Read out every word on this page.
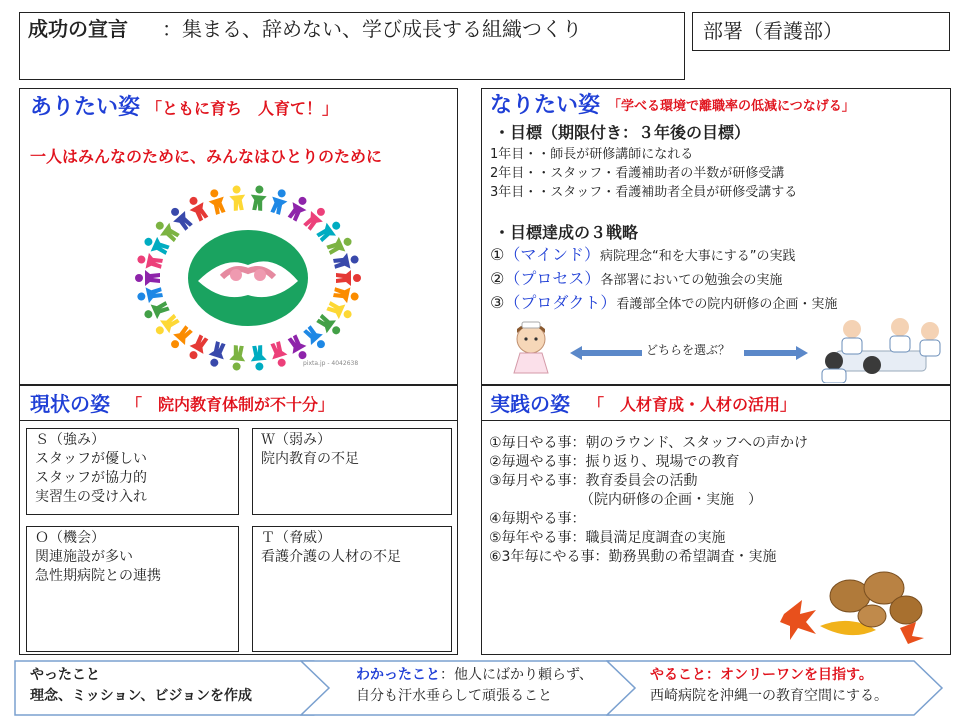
成功の宣言 ：集まる、辞めない、学び成長する組織つくり	部署（看護部）
ありたい姿 「ともに育ち　人育て！」
一人はみんなのために、みんなはひとりのために
pixta.jp - 4042638
なりたい姿 「学べる環境で離職率の低減につなげる」
・目標（期限付き：３年後の目標）
1年目・・師長が研修講師になれる
2年目・・スタッフ・看護補助者の半数が研修受講
3年目・・スタッフ・看護補助者全員が研修受講する
・目標達成の３戦略
①（マインド）病院理念“和を大事にする”の実践
②（プロセス）各部署においての勉強会の実施
③（プロダクト）看護部全体での院内研修の企画・実施
どちらを選ぶ？
現状の姿 「　院内教育体制が不十分」
Ｓ（強み）
スタッフが優しい
スタッフが協力的
実習生の受け入れ
Ｗ（弱み）
院内教育の不足
Ｏ（機会）
関連施設が多い
急性期病院との連携
Ｔ（脅威）
看護介護の人材の不足
実践の姿 「　人材育成・人材の活用」
①毎日やる事：朝のラウンド、スタッフへの声かけ
②毎週やる事：振り返り、現場での教育
③毎月やる事：教育委員会の活動
　　　　　　　（院内研修の企画・実施　）
④毎期やる事：
⑤毎年やる事：職員満足度調査の実施
⑥3年毎にやる事：勤務異動の希望調査・実施
やったこと
理念、ミッション、ビジョンを作成
わかったこと：他人にばかり頼らず、
自分も汗水垂らして頑張ること
やること：オンリーワンを目指す。
西崎病院を沖縄一の教育空間にする。
